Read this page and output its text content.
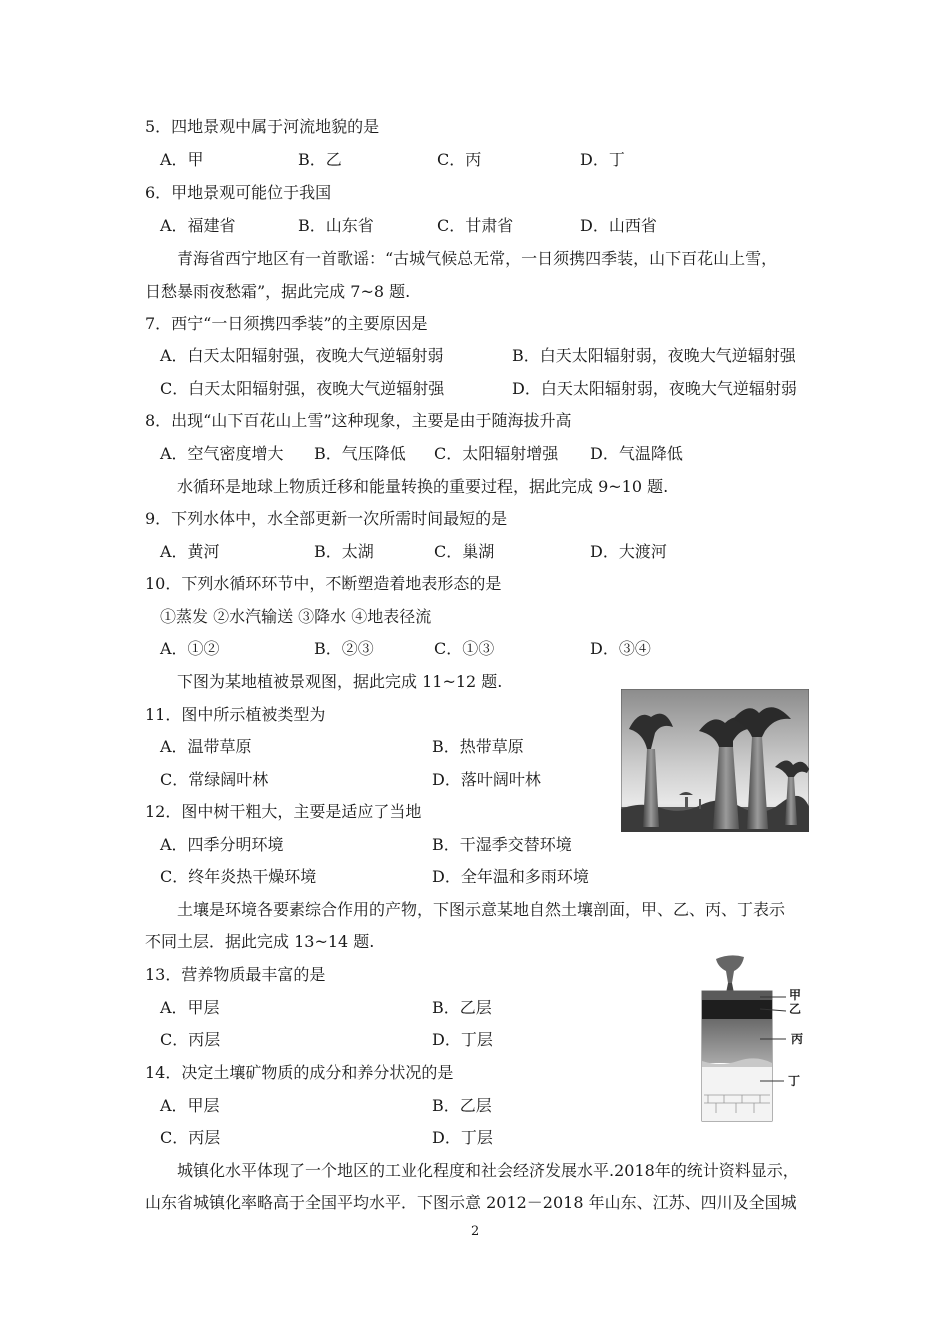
5．四地景观中属于河流地貌的是
A．甲	B．乙	C．丙	D．丁
6．甲地景观可能位于我国
A．福建省	B．山东省	C．甘肃省	D．山西省
青海省西宁地区有一首歌谣：“古城气候总无常，一日须携四季装，山下百花山上雪，
日愁暴雨夜愁霜”，据此完成 7~8 题.
7．西宁“一日须携四季装”的主要原因是
A．白天太阳辐射强，夜晚大气逆辐射弱	B．白天太阳辐射弱，夜晚大气逆辐射强
C．白天太阳辐射强，夜晚大气逆辐射强	D．白天太阳辐射弱，夜晚大气逆辐射弱
8．出现“山下百花山上雪”这种现象，主要是由于随海拔升高
A．空气密度增大 B．气压降低 C．太阳辐射增强 D．气温降低
水循环是地球上物质迁移和能量转换的重要过程，据此完成 9~10 题.
9．下列水体中，水全部更新一次所需时间最短的是
A．黄河	B．太湖	C．巢湖	D．大渡河
10．下列水循环环节中，不断塑造着地表形态的是
①蒸发 ②水汽输送 ③降水 ④地表径流
A．①②	B．②③	C．①③	D．③④
下图为某地植被景观图，据此完成 11~12 题.
11．图中所示植被类型为
A．温带草原	B．热带草原
C．常绿阔叶林	D．落叶阔叶林
12．图中树干粗大，主要是适应了当地
A．四季分明环境	B．干湿季交替环境
C．终年炎热干燥环境	D．全年温和多雨环境
土壤是环境各要素综合作用的产物，下图示意某地自然土壤剖面，甲、乙、丙、丁表示
不同土层．据此完成 13~14 题.
甲
乙
丙
丁
13．营养物质最丰富的是
A．甲层	B．乙层
C．丙层	D．丁层
14．决定土壤矿物质的成分和养分状况的是
A．甲层	B．乙层
C．丙层	D．丁层
城镇化水平体现了一个地区的工业化程度和社会经济发展水平.2018年的统计资料显示，
山东省城镇化率略高于全国平均水平．下图示意 2012－2018 年山东、江苏、四川及全国城
2
